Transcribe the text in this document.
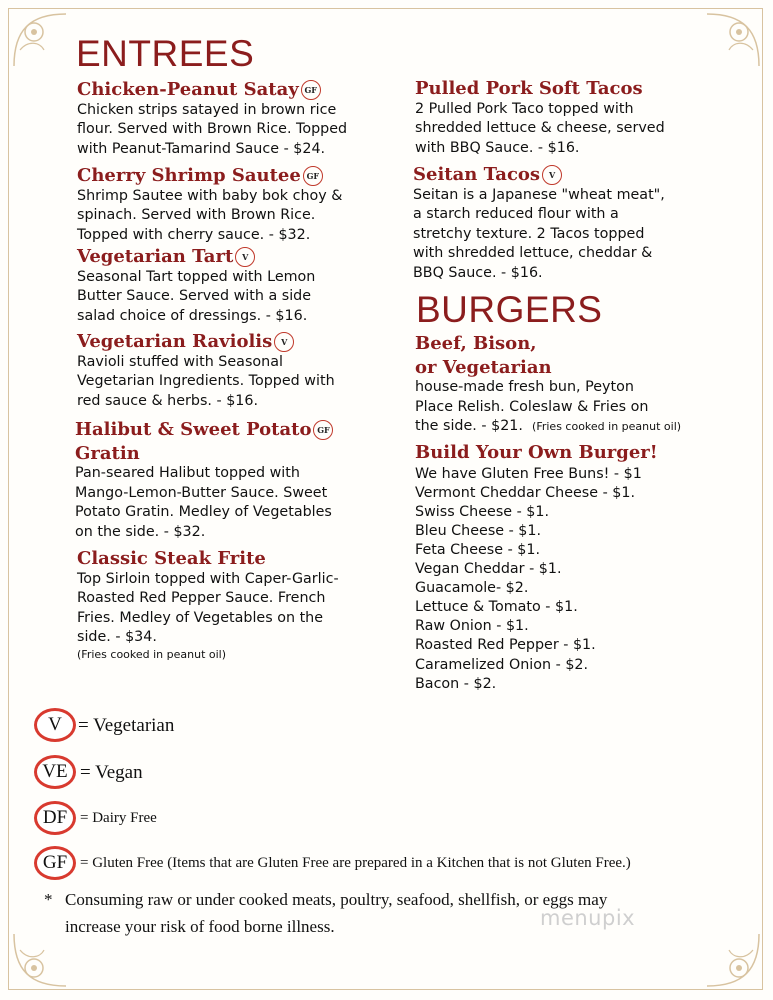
ENTREES
Chicken-Peanut Satay GF
Chicken strips satayed in brown rice
flour. Served with Brown Rice. Topped
with Peanut-Tamarind Sauce - $24.
Cherry Shrimp Sautee GF
Shrimp Sautee with baby bok choy &
spinach. Served with Brown Rice.
Topped with cherry sauce. - $32.
Vegetarian Tart V
Seasonal Tart topped with Lemon
Butter Sauce. Served with a side
salad choice of dressings. - $16.
Vegetarian Raviolis V
Ravioli stuffed with Seasonal
Vegetarian Ingredients. Topped with
red sauce & herbs. - $16.
Halibut & Sweet Potato GF
Gratin
Pan-seared Halibut topped with
Mango-Lemon-Butter Sauce. Sweet
Potato Gratin. Medley of Vegetables
on the side. - $32.
Classic Steak Frite
Top Sirloin topped with Caper-Garlic-
Roasted Red Pepper Sauce. French
Fries. Medley of Vegetables on the
side. - $34.
(Fries cooked in peanut oil)
Pulled Pork Soft Tacos
2 Pulled Pork Taco topped with
shredded lettuce & cheese, served
with BBQ Sauce. - $16.
Seitan Tacos V
Seitan is a Japanese "wheat meat",
a starch reduced flour with a
stretchy texture. 2 Tacos topped
with shredded lettuce, cheddar &
BBQ Sauce. - $16.
BURGERS
Beef, Bison,
or Vegetarian
house-made fresh bun, Peyton
Place Relish. Coleslaw & Fries on
the side. - $21. (Fries cooked in peanut oil)
Build Your Own Burger!
We have Gluten Free Buns! - $1
Vermont Cheddar Cheese - $1.
Swiss Cheese - $1.
Bleu Cheese - $1.
Feta Cheese - $1.
Vegan Cheddar - $1.
Guacamole- $2.
Lettuce & Tomato - $1.
Raw Onion - $1.
Roasted Red Pepper - $1.
Caramelized Onion - $2.
Bacon - $2.
V = Vegetarian
VE = Vegan
DF = Dairy Free
GF = Gluten Free (Items that are Gluten Free are prepared in a Kitchen that is not Gluten Free.)
* Consuming raw or under cooked meats, poultry, seafood, shellfish, or eggs may
increase your risk of food borne illness.	menupix
